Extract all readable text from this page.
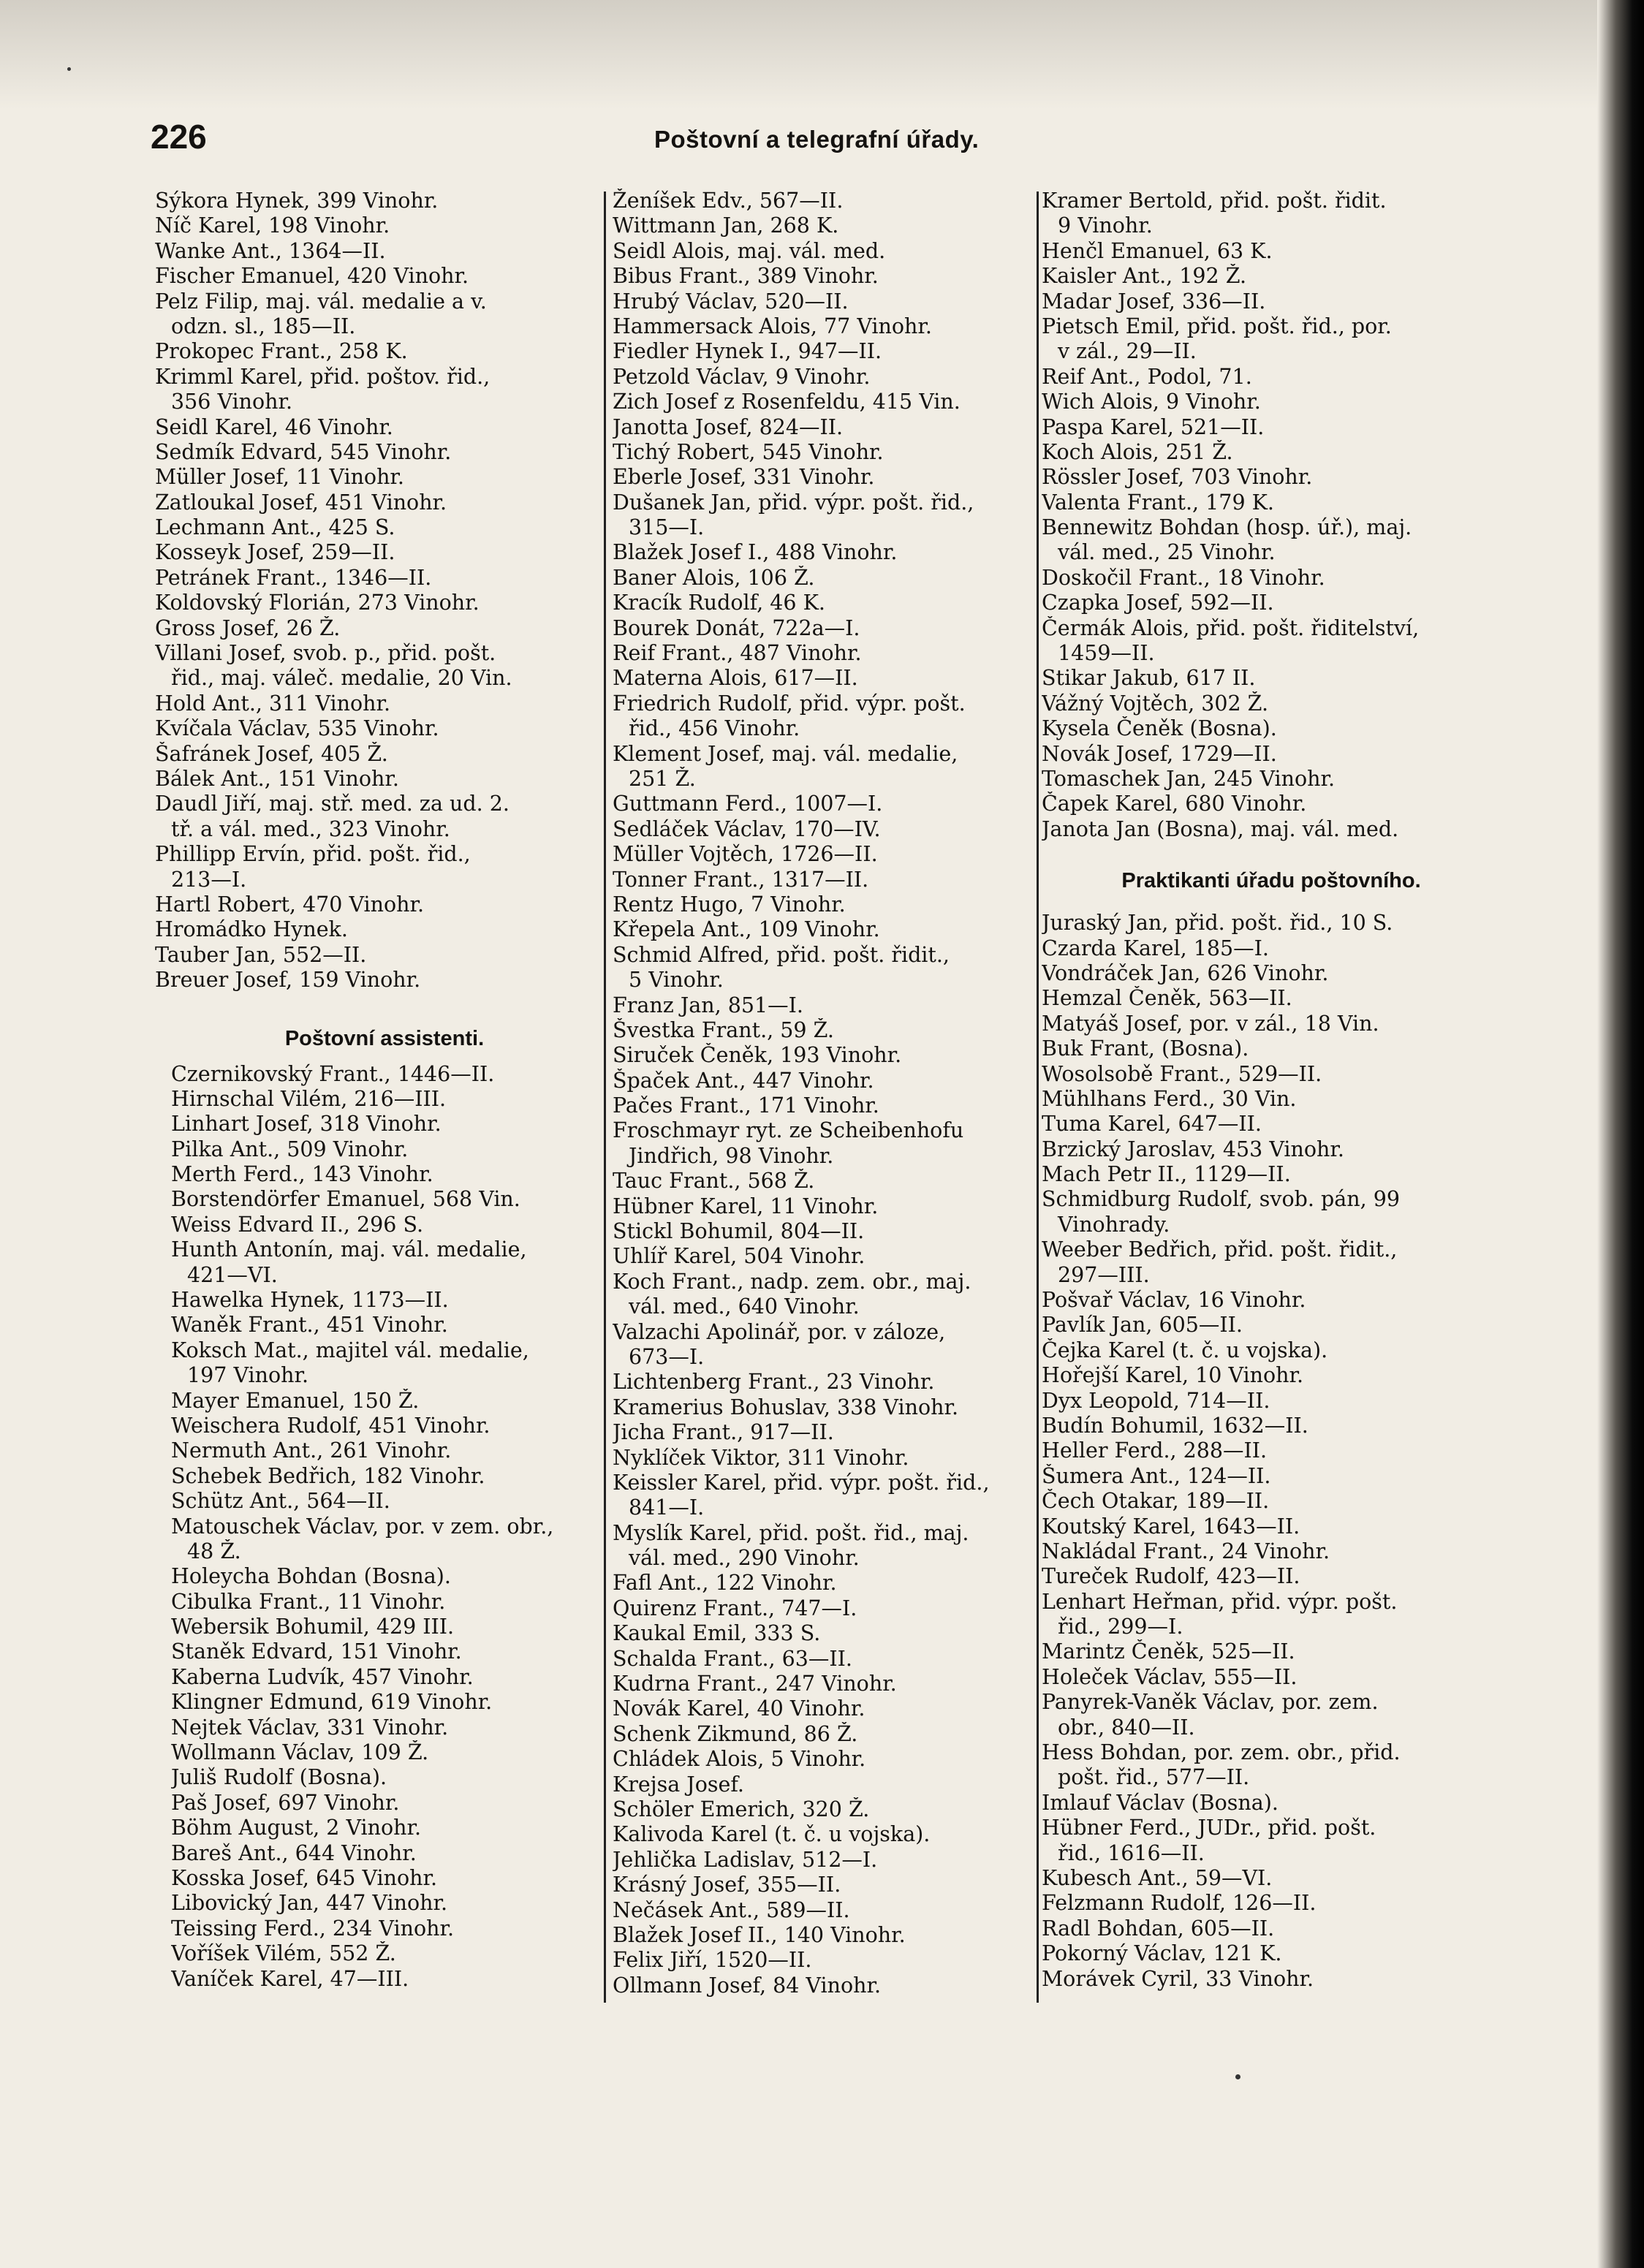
226	Poštovní a telegrafní úřady.
Sýkora Hynek, 399 Vinohr.
Níč Karel, 198 Vinohr.
Wanke Ant., 1364—II.
Fischer Emanuel, 420 Vinohr.
Pelz Filip, maj. vál. medalie a v.
odzn. sl., 185—II.
Prokopec Frant., 258 K.
Krimml Karel, přid. poštov. řid.,
356 Vinohr.
Seidl Karel, 46 Vinohr.
Sedmík Edvard, 545 Vinohr.
Müller Josef, 11 Vinohr.
Zatloukal Josef, 451 Vinohr.
Lechmann Ant., 425 S.
Kosseyk Josef, 259—II.
Petránek Frant., 1346—II.
Koldovský Florián, 273 Vinohr.
Gross Josef, 26 Ž.
Villani Josef, svob. p., přid. pošt.
řid., maj. váleč. medalie, 20 Vin.
Hold Ant., 311 Vinohr.
Kvíčala Václav, 535 Vinohr.
Šafránek Josef, 405 Ž.
Bálek Ant., 151 Vinohr.
Daudl Jiří, maj. stř. med. za ud. 2.
tř. a vál. med., 323 Vinohr.
Phillipp Ervín, přid. pošt. řid.,
213—I.
Hartl Robert, 470 Vinohr.
Hromádko Hynek.
Tauber Jan, 552—II.
Breuer Josef, 159 Vinohr.
Poštovní assistenti.
Czernikovský Frant., 1446—II.
Hirnschal Vilém, 216—III.
Linhart Josef, 318 Vinohr.
Pilka Ant., 509 Vinohr.
Merth Ferd., 143 Vinohr.
Borstendörfer Emanuel, 568 Vin.
Weiss Edvard II., 296 S.
Hunth Antonín, maj. vál. medalie,
421—VI.
Hawelka Hynek, 1173—II.
Waněk Frant., 451 Vinohr.
Koksch Mat., majitel vál. medalie,
197 Vinohr.
Mayer Emanuel, 150 Ž.
Weischera Rudolf, 451 Vinohr.
Nermuth Ant., 261 Vinohr.
Schebek Bedřich, 182 Vinohr.
Schütz Ant., 564—II.
Matouschek Václav, por. v zem. obr.,
48 Ž.
Holeycha Bohdan (Bosna).
Cibulka Frant., 11 Vinohr.
Webersik Bohumil, 429 III.
Staněk Edvard, 151 Vinohr.
Kaberna Ludvík, 457 Vinohr.
Klingner Edmund, 619 Vinohr.
Nejtek Václav, 331 Vinohr.
Wollmann Václav, 109 Ž.
Juliš Rudolf (Bosna).
Paš Josef, 697 Vinohr.
Böhm August, 2 Vinohr.
Bareš Ant., 644 Vinohr.
Kosska Josef, 645 Vinohr.
Libovický Jan, 447 Vinohr.
Teissing Ferd., 234 Vinohr.
Voříšek Vilém, 552 Ž.
Vaníček Karel, 47—III.
Ženíšek Edv., 567—II.
Wittmann Jan, 268 K.
Seidl Alois, maj. vál. med.
Bibus Frant., 389 Vinohr.
Hrubý Václav, 520—II.
Hammersack Alois, 77 Vinohr.
Fiedler Hynek I., 947—II.
Petzold Václav, 9 Vinohr.
Zich Josef z Rosenfeldu, 415 Vin.
Janotta Josef, 824—II.
Tichý Robert, 545 Vinohr.
Eberle Josef, 331 Vinohr.
Dušanek Jan, přid. výpr. pošt. řid.,
315—I.
Blažek Josef I., 488 Vinohr.
Baner Alois, 106 Ž.
Kracík Rudolf, 46 K.
Bourek Donát, 722a—I.
Reif Frant., 487 Vinohr.
Materna Alois, 617—II.
Friedrich Rudolf, přid. výpr. pošt.
řid., 456 Vinohr.
Klement Josef, maj. vál. medalie,
251 Ž.
Guttmann Ferd., 1007—I.
Sedláček Václav, 170—IV.
Müller Vojtěch, 1726—II.
Tonner Frant., 1317—II.
Rentz Hugo, 7 Vinohr.
Křepela Ant., 109 Vinohr.
Schmid Alfred, přid. pošt. řidit.,
5 Vinohr.
Franz Jan, 851—I.
Švestka Frant., 59 Ž.
Siruček Čeněk, 193 Vinohr.
Špaček Ant., 447 Vinohr.
Pačes Frant., 171 Vinohr.
Froschmayr ryt. ze Scheibenhofu
Jindřich, 98 Vinohr.
Tauc Frant., 568 Ž.
Hübner Karel, 11 Vinohr.
Stickl Bohumil, 804—II.
Uhlíř Karel, 504 Vinohr.
Koch Frant., nadp. zem. obr., maj.
vál. med., 640 Vinohr.
Valzachi Apolinář, por. v záloze,
673—I.
Lichtenberg Frant., 23 Vinohr.
Kramerius Bohuslav, 338 Vinohr.
Jicha Frant., 917—II.
Nyklíček Viktor, 311 Vinohr.
Keissler Karel, přid. výpr. pošt. řid.,
841—I.
Myslík Karel, přid. pošt. řid., maj.
vál. med., 290 Vinohr.
Fafl Ant., 122 Vinohr.
Quirenz Frant., 747—I.
Kaukal Emil, 333 S.
Schalda Frant., 63—II.
Kudrna Frant., 247 Vinohr.
Novák Karel, 40 Vinohr.
Schenk Zikmund, 86 Ž.
Chládek Alois, 5 Vinohr.
Krejsa Josef.
Schöler Emerich, 320 Ž.
Kalivoda Karel (t. č. u vojska).
Jehlička Ladislav, 512—I.
Krásný Josef, 355—II.
Nečásek Ant., 589—II.
Blažek Josef II., 140 Vinohr.
Felix Jiří, 1520—II.
Ollmann Josef, 84 Vinohr.
Kramer Bertold, přid. pošt. řidit.
9 Vinohr.
Henčl Emanuel, 63 K.
Kaisler Ant., 192 Ž.
Madar Josef, 336—II.
Pietsch Emil, přid. pošt. řid., por.
v zál., 29—II.
Reif Ant., Podol, 71.
Wich Alois, 9 Vinohr.
Paspa Karel, 521—II.
Koch Alois, 251 Ž.
Rössler Josef, 703 Vinohr.
Valenta Frant., 179 K.
Bennewitz Bohdan (hosp. úř.), maj.
vál. med., 25 Vinohr.
Doskočil Frant., 18 Vinohr.
Czapka Josef, 592—II.
Čermák Alois, přid. pošt. řiditelství,
1459—II.
Stikar Jakub, 617 II.
Vážný Vojtěch, 302 Ž.
Kysela Čeněk (Bosna).
Novák Josef, 1729—II.
Tomaschek Jan, 245 Vinohr.
Čapek Karel, 680 Vinohr.
Janota Jan (Bosna), maj. vál. med.
Praktikanti úřadu poštovního.
Juraský Jan, přid. pošt. řid., 10 S.
Czarda Karel, 185—I.
Vondráček Jan, 626 Vinohr.
Hemzal Čeněk, 563—II.
Matyáš Josef, por. v zál., 18 Vin.
Buk Frant, (Bosna).
Wosolsobě Frant., 529—II.
Mühlhans Ferd., 30 Vin.
Tuma Karel, 647—II.
Brzický Jaroslav, 453 Vinohr.
Mach Petr II., 1129—II.
Schmidburg Rudolf, svob. pán, 99
Vinohrady.
Weeber Bedřich, přid. pošt. řidit.,
297—III.
Pošvař Václav, 16 Vinohr.
Pavlík Jan, 605—II.
Čejka Karel (t. č. u vojska).
Hořejší Karel, 10 Vinohr.
Dyx Leopold, 714—II.
Budín Bohumil, 1632—II.
Heller Ferd., 288—II.
Šumera Ant., 124—II.
Čech Otakar, 189—II.
Koutský Karel, 1643—II.
Nakládal Frant., 24 Vinohr.
Tureček Rudolf, 423—II.
Lenhart Heřman, přid. výpr. pošt.
řid., 299—I.
Marintz Čeněk, 525—II.
Holeček Václav, 555—II.
Panyrek-Vaněk Václav, por. zem.
obr., 840—II.
Hess Bohdan, por. zem. obr., přid.
pošt. řid., 577—II.
Imlauf Václav (Bosna).
Hübner Ferd., JUDr., přid. pošt.
řid., 1616—II.
Kubesch Ant., 59—VI.
Felzmann Rudolf, 126—II.
Radl Bohdan, 605—II.
Pokorný Václav, 121 K.
Morávek Cyril, 33 Vinohr.
